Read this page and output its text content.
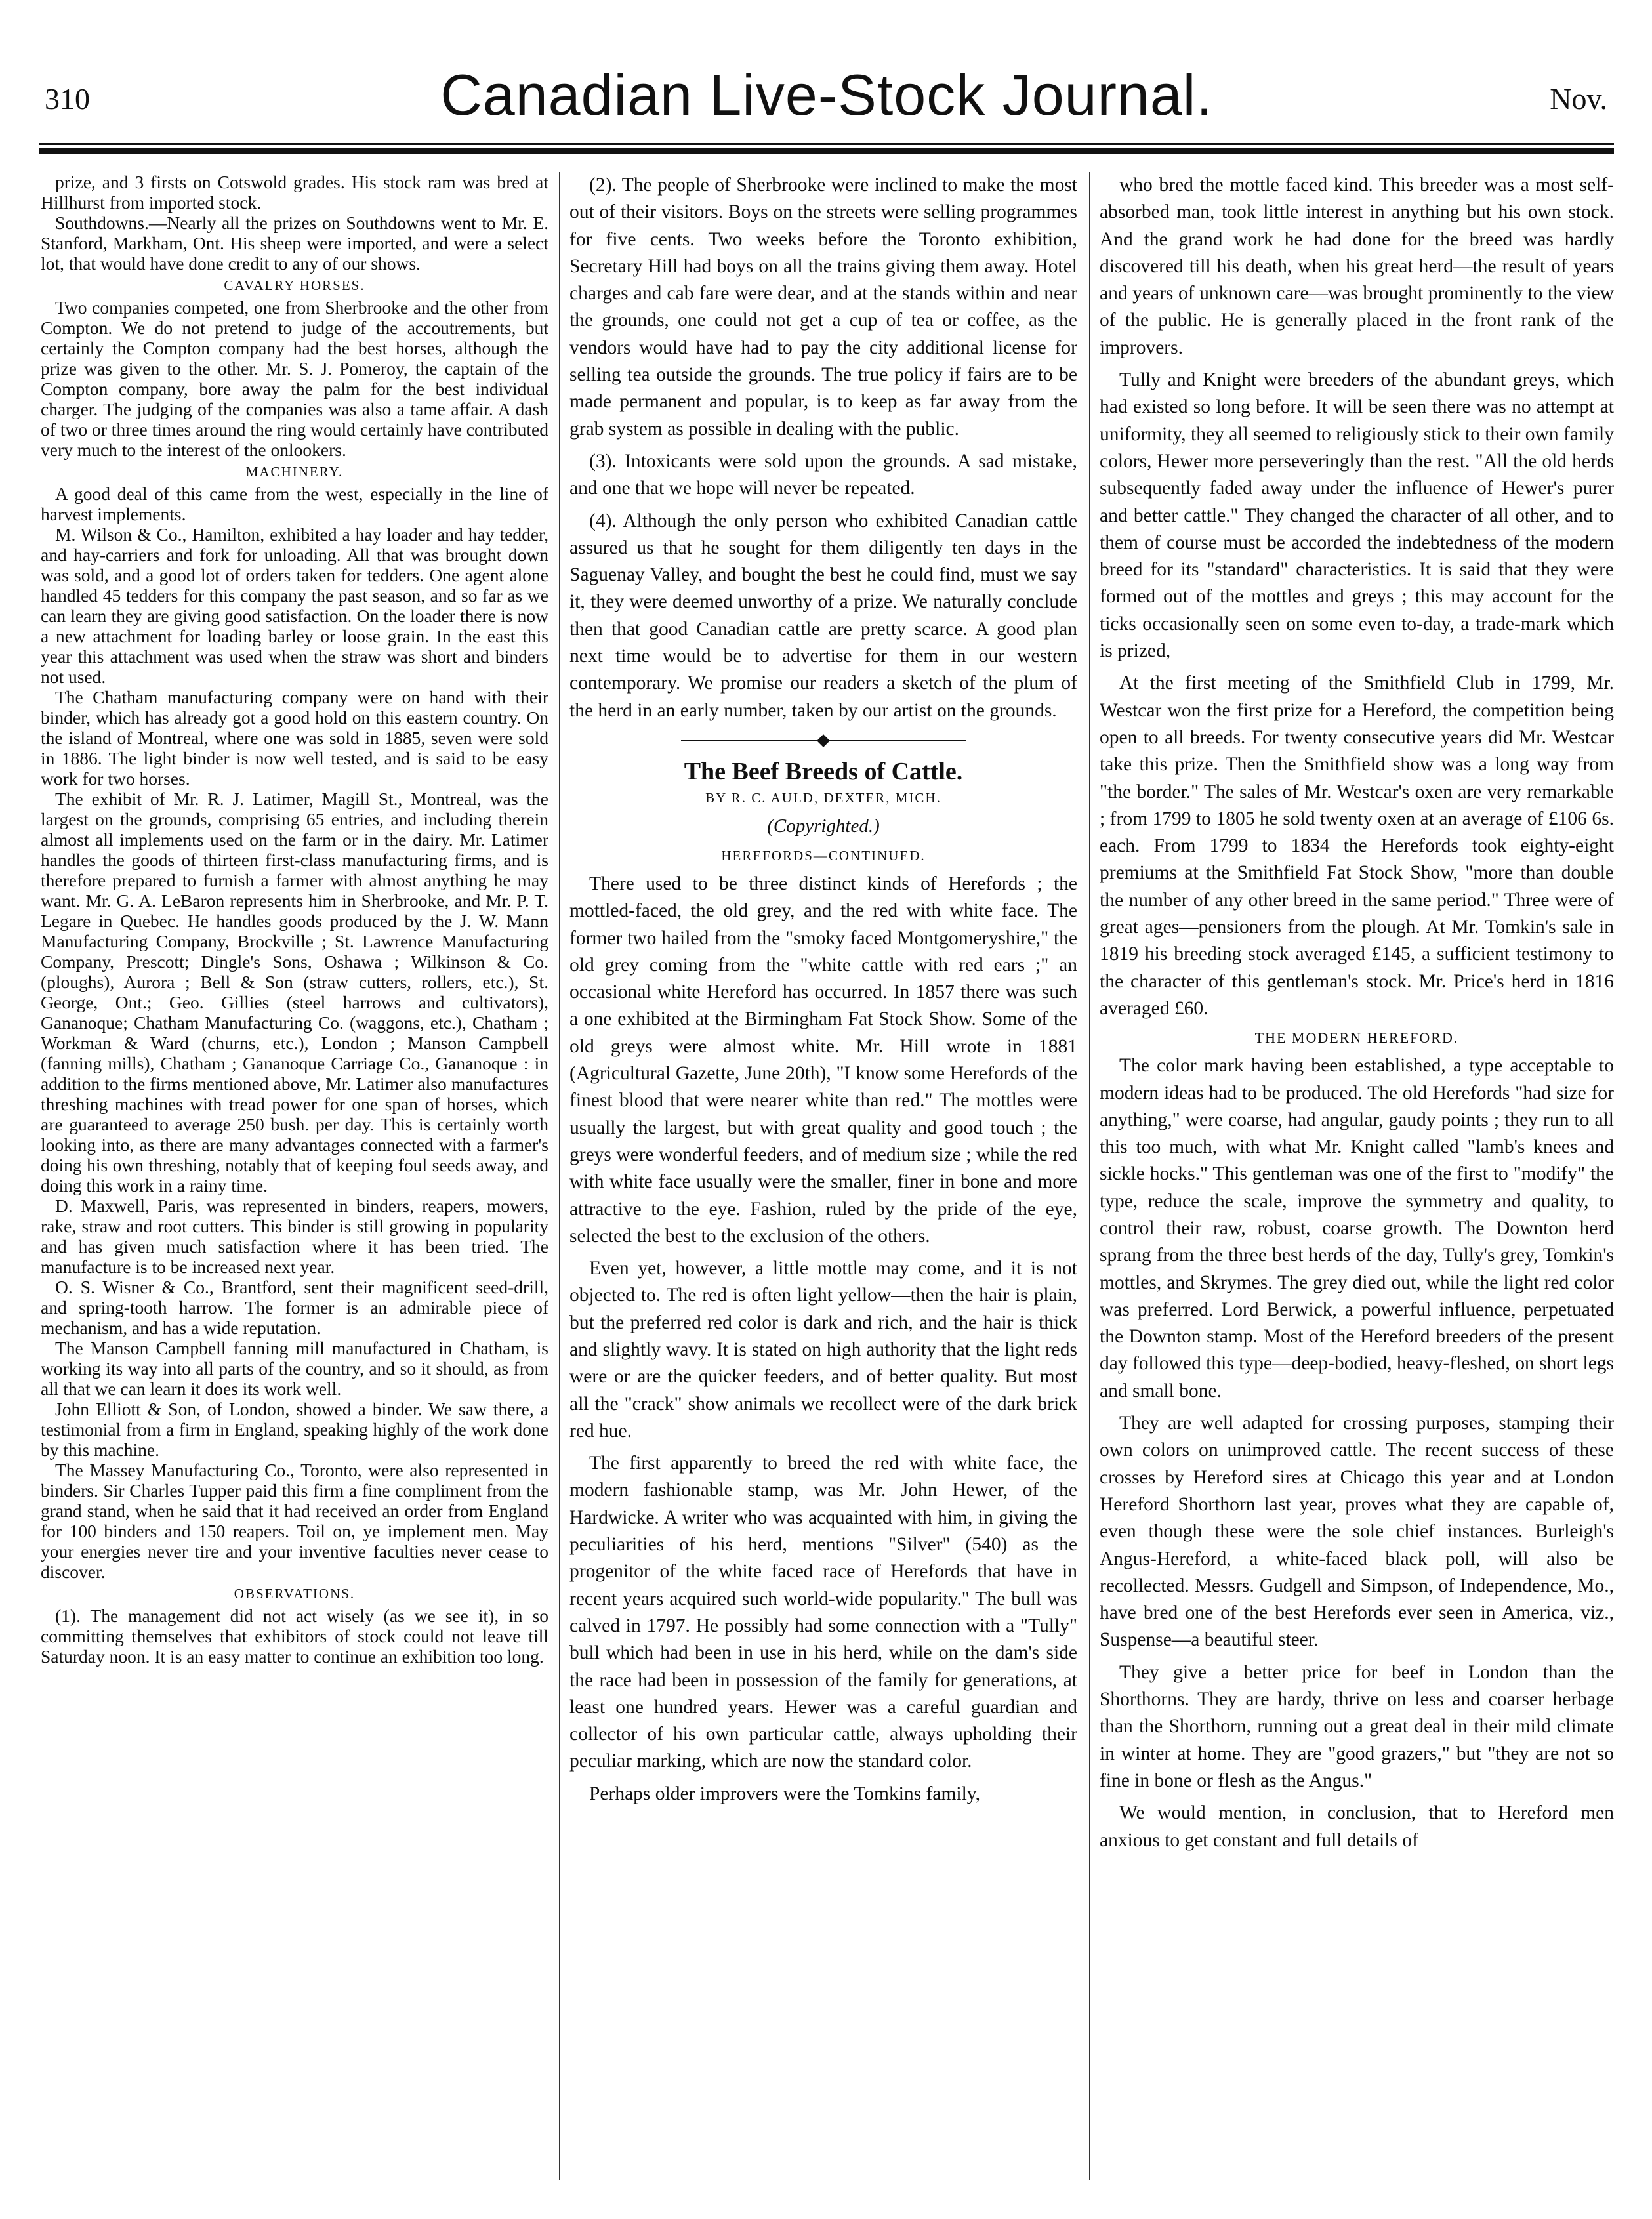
310	Canadian Live-Stock Journal.	Nov.

prize, and 3 firsts on Cotswold grades. His stock ram was bred at Hillhurst from imported stock.

Southdowns.—Nearly all the prizes on Southdowns went to Mr. E. Stanford, Markham, Ont. His sheep were imported, and were a select lot, that would have done credit to any of our shows.

CAVALRY HORSES.

Two companies competed, one from Sherbrooke and the other from Compton. We do not pretend to judge of the accoutrements, but certainly the Compton company had the best horses, although the prize was given to the other. Mr. S. J. Pomeroy, the captain of the Compton company, bore away the palm for the best individual charger. The judging of the companies was also a tame affair. A dash of two or three times around the ring would certainly have contributed very much to the interest of the onlookers.

MACHINERY.

A good deal of this came from the west, especially in the line of harvest implements.

M. Wilson & Co., Hamilton, exhibited a hay loader and hay tedder, and hay-carriers and fork for unloading. All that was brought down was sold, and a good lot of orders taken for tedders. One agent alone handled 45 tedders for this company the past season, and so far as we can learn they are giving good satisfaction. On the loader there is now a new attachment for loading barley or loose grain. In the east this year this attachment was used when the straw was short and binders not used.

The Chatham manufacturing company were on hand with their binder, which has already got a good hold on this eastern country. On the island of Montreal, where one was sold in 1885, seven were sold in 1886. The light binder is now well tested, and is said to be easy work for two horses.

The exhibit of Mr. R. J. Latimer, Magill St., Montreal, was the largest on the grounds, comprising 65 entries, and including therein almost all implements used on the farm or in the dairy. Mr. Latimer handles the goods of thirteen first-class manufacturing firms, and is therefore prepared to furnish a farmer with almost anything he may want. Mr. G. A. LeBaron represents him in Sherbrooke, and Mr. P. T. Legare in Quebec. He handles goods produced by the J. W. Mann Manufacturing Company, Brockville ; St. Lawrence Manufacturing Company, Prescott; Dingle's Sons, Oshawa ; Wilkinson & Co. (ploughs), Aurora ; Bell & Son (straw cutters, rollers, etc.), St. George, Ont.; Geo. Gillies (steel harrows and cultivators), Gananoque; Chatham Manufacturing Co. (waggons, etc.), Chatham ; Workman & Ward (churns, etc.), London ; Manson Campbell (fanning mills), Chatham ; Gananoque Carriage Co., Gananoque : in addition to the firms mentioned above, Mr. Latimer also manufactures threshing machines with tread power for one span of horses, which are guaranteed to average 250 bush. per day. This is certainly worth looking into, as there are many advantages connected with a farmer's doing his own threshing, notably that of keeping foul seeds away, and doing this work in a rainy time.

D. Maxwell, Paris, was represented in binders, reapers, mowers, rake, straw and root cutters. This binder is still growing in popularity and has given much satisfaction where it has been tried. The manufacture is to be increased next year.

O. S. Wisner & Co., Brantford, sent their magnificent seed-drill, and spring-tooth harrow. The former is an admirable piece of mechanism, and has a wide reputation.

The Manson Campbell fanning mill manufactured in Chatham, is working its way into all parts of the country, and so it should, as from all that we can learn it does its work well.

John Elliott & Son, of London, showed a binder. We saw there, a testimonial from a firm in England, speaking highly of the work done by this machine.

The Massey Manufacturing Co., Toronto, were also represented in binders. Sir Charles Tupper paid this firm a fine compliment from the grand stand, when he said that it had received an order from England for 100 binders and 150 reapers. Toil on, ye implement men. May your energies never tire and your inventive faculties never cease to discover.

OBSERVATIONS.

(1). The management did not act wisely (as we see it), in so committing themselves that exhibitors of stock could not leave till Saturday noon. It is an easy matter to continue an exhibition too long.

(2). The people of Sherbrooke were inclined to make the most out of their visitors. Boys on the streets were selling programmes for five cents. Two weeks before the Toronto exhibition, Secretary Hill had boys on all the trains giving them away. Hotel charges and cab fare were dear, and at the stands within and near the grounds, one could not get a cup of tea or coffee, as the vendors would have had to pay the city additional license for selling tea outside the grounds. The true policy if fairs are to be made permanent and popular, is to keep as far away from the grab system as possible in dealing with the public.

(3). Intoxicants were sold upon the grounds. A sad mistake, and one that we hope will never be repeated.

(4). Although the only person who exhibited Canadian cattle assured us that he sought for them diligently ten days in the Saguenay Valley, and bought the best he could find, must we say it, they were deemed unworthy of a prize. We naturally conclude then that good Canadian cattle are pretty scarce. A good plan next time would be to advertise for them in our western contemporary. We promise our readers a sketch of the plum of the herd in an early number, taken by our artist on the grounds.

The Beef Breeds of Cattle.
BY R. C. AULD, DEXTER, MICH.
(Copyrighted.)
HEREFORDS—CONTINUED.

There used to be three distinct kinds of Herefords ; the mottled-faced, the old grey, and the red with white face. The former two hailed from the "smoky faced Montgomeryshire," the old grey coming from the "white cattle with red ears ;" an occasional white Hereford has occurred. In 1857 there was such a one exhibited at the Birmingham Fat Stock Show. Some of the old greys were almost white. Mr. Hill wrote in 1881 (Agricultural Gazette, June 20th), "I know some Herefords of the finest blood that were nearer white than red." The mottles were usually the largest, but with great quality and good touch ; the greys were wonderful feeders, and of medium size ; while the red with white face usually were the smaller, finer in bone and more attractive to the eye. Fashion, ruled by the pride of the eye, selected the best to the exclusion of the others.

Even yet, however, a little mottle may come, and it is not objected to. The red is often light yellow—then the hair is plain, but the preferred red color is dark and rich, and the hair is thick and slightly wavy. It is stated on high authority that the light reds were or are the quicker feeders, and of better quality. But most all the "crack" show animals we recollect were of the dark brick red hue.

The first apparently to breed the red with white face, the modern fashionable stamp, was Mr. John Hewer, of the Hardwicke. A writer who was acquainted with him, in giving the peculiarities of his herd, mentions "Silver" (540) as the progenitor of the white faced race of Herefords that have in recent years acquired such world-wide popularity." The bull was calved in 1797. He possibly had some connection with a "Tully" bull which had been in use in his herd, while on the dam's side the race had been in possession of the family for generations, at least one hundred years. Hewer was a careful guardian and collector of his own particular cattle, always upholding their peculiar marking, which are now the standard color.

Perhaps older improvers were the Tomkins family,

who bred the mottle faced kind. This breeder was a most self-absorbed man, took little interest in anything but his own stock. And the grand work he had done for the breed was hardly discovered till his death, when his great herd—the result of years and years of unknown care—was brought prominently to the view of the public. He is generally placed in the front rank of the improvers.

Tully and Knight were breeders of the abundant greys, which had existed so long before. It will be seen there was no attempt at uniformity, they all seemed to religiously stick to their own family colors, Hewer more perseveringly than the rest. "All the old herds subsequently faded away under the influence of Hewer's purer and better cattle." They changed the character of all other, and to them of course must be accorded the indebtedness of the modern breed for its "standard" characteristics. It is said that they were formed out of the mottles and greys ; this may account for the ticks occasionally seen on some even to-day, a trade-mark which is prized,

At the first meeting of the Smithfield Club in 1799, Mr. Westcar won the first prize for a Hereford, the competition being open to all breeds. For twenty consecutive years did Mr. Westcar take this prize. Then the Smithfield show was a long way from "the border." The sales of Mr. Westcar's oxen are very remarkable ; from 1799 to 1805 he sold twenty oxen at an average of £106 6s. each. From 1799 to 1834 the Herefords took eighty-eight premiums at the Smithfield Fat Stock Show, "more than double the number of any other breed in the same period." Three were of great ages—pensioners from the plough. At Mr. Tomkin's sale in 1819 his breeding stock averaged £145, a sufficient testimony to the character of this gentleman's stock. Mr. Price's herd in 1816 averaged £60.

THE MODERN HEREFORD.

The color mark having been established, a type acceptable to modern ideas had to be produced. The old Herefords "had size for anything," were coarse, had angular, gaudy points ; they run to all this too much, with what Mr. Knight called "lamb's knees and sickle hocks." This gentleman was one of the first to "modify" the type, reduce the scale, improve the symmetry and quality, to control their raw, robust, coarse growth. The Downton herd sprang from the three best herds of the day, Tully's grey, Tomkin's mottles, and Skrymes. The grey died out, while the light red color was preferred. Lord Berwick, a powerful influence, perpetuated the Downton stamp. Most of the Hereford breeders of the present day followed this type—deep-bodied, heavy-fleshed, on short legs and small bone.

They are well adapted for crossing purposes, stamping their own colors on unimproved cattle. The recent success of these crosses by Hereford sires at Chicago this year and at London Hereford Shorthorn last year, proves what they are capable of, even though these were the sole chief instances. Burleigh's Angus-Hereford, a white-faced black poll, will also be recollected. Messrs. Gudgell and Simpson, of Independence, Mo., have bred one of the best Herefords ever seen in America, viz., Suspense—a beautiful steer.

They give a better price for beef in London than the Shorthorns. They are hardy, thrive on less and coarser herbage than the Shorthorn, running out a great deal in their mild climate in winter at home. They are "good grazers," but "they are not so fine in bone or flesh as the Angus."

We would mention, in conclusion, that to Hereford men anxious to get constant and full details of
